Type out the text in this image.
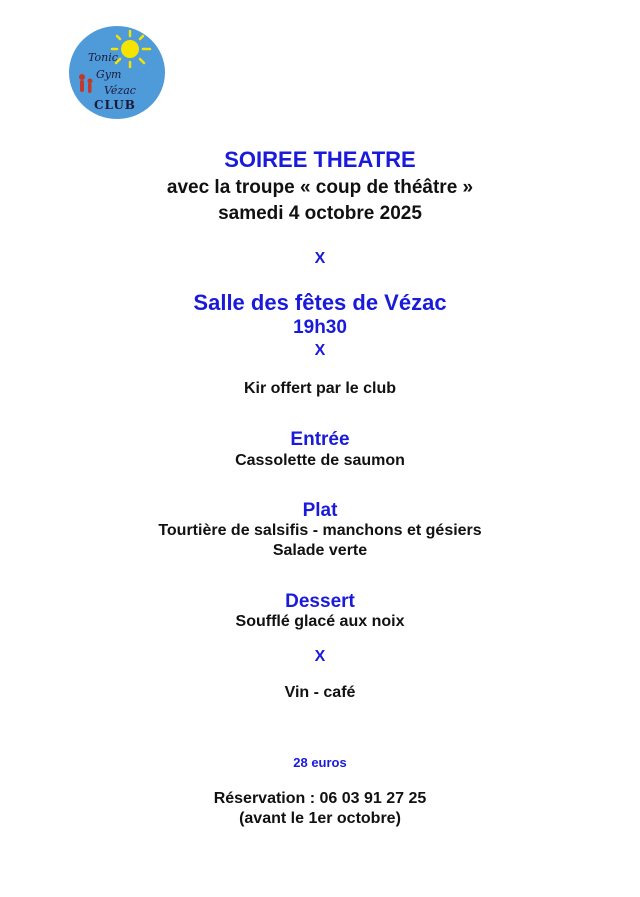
Tonic
Gym
Vézac
CLUB
SOIREE THEATRE
avec la troupe « coup de théâtre »
samedi 4 octobre 2025
X
Salle des fêtes de Vézac
19h30
X
Kir offert par le club
Entrée
Cassolette de saumon
Plat
Tourtière de salsifis - manchons et gésiers
Salade verte
Dessert
Soufflé glacé aux noix
X
Vin - café
28 euros
Réservation : 06 03 91 27 25
(avant le 1er octobre)
